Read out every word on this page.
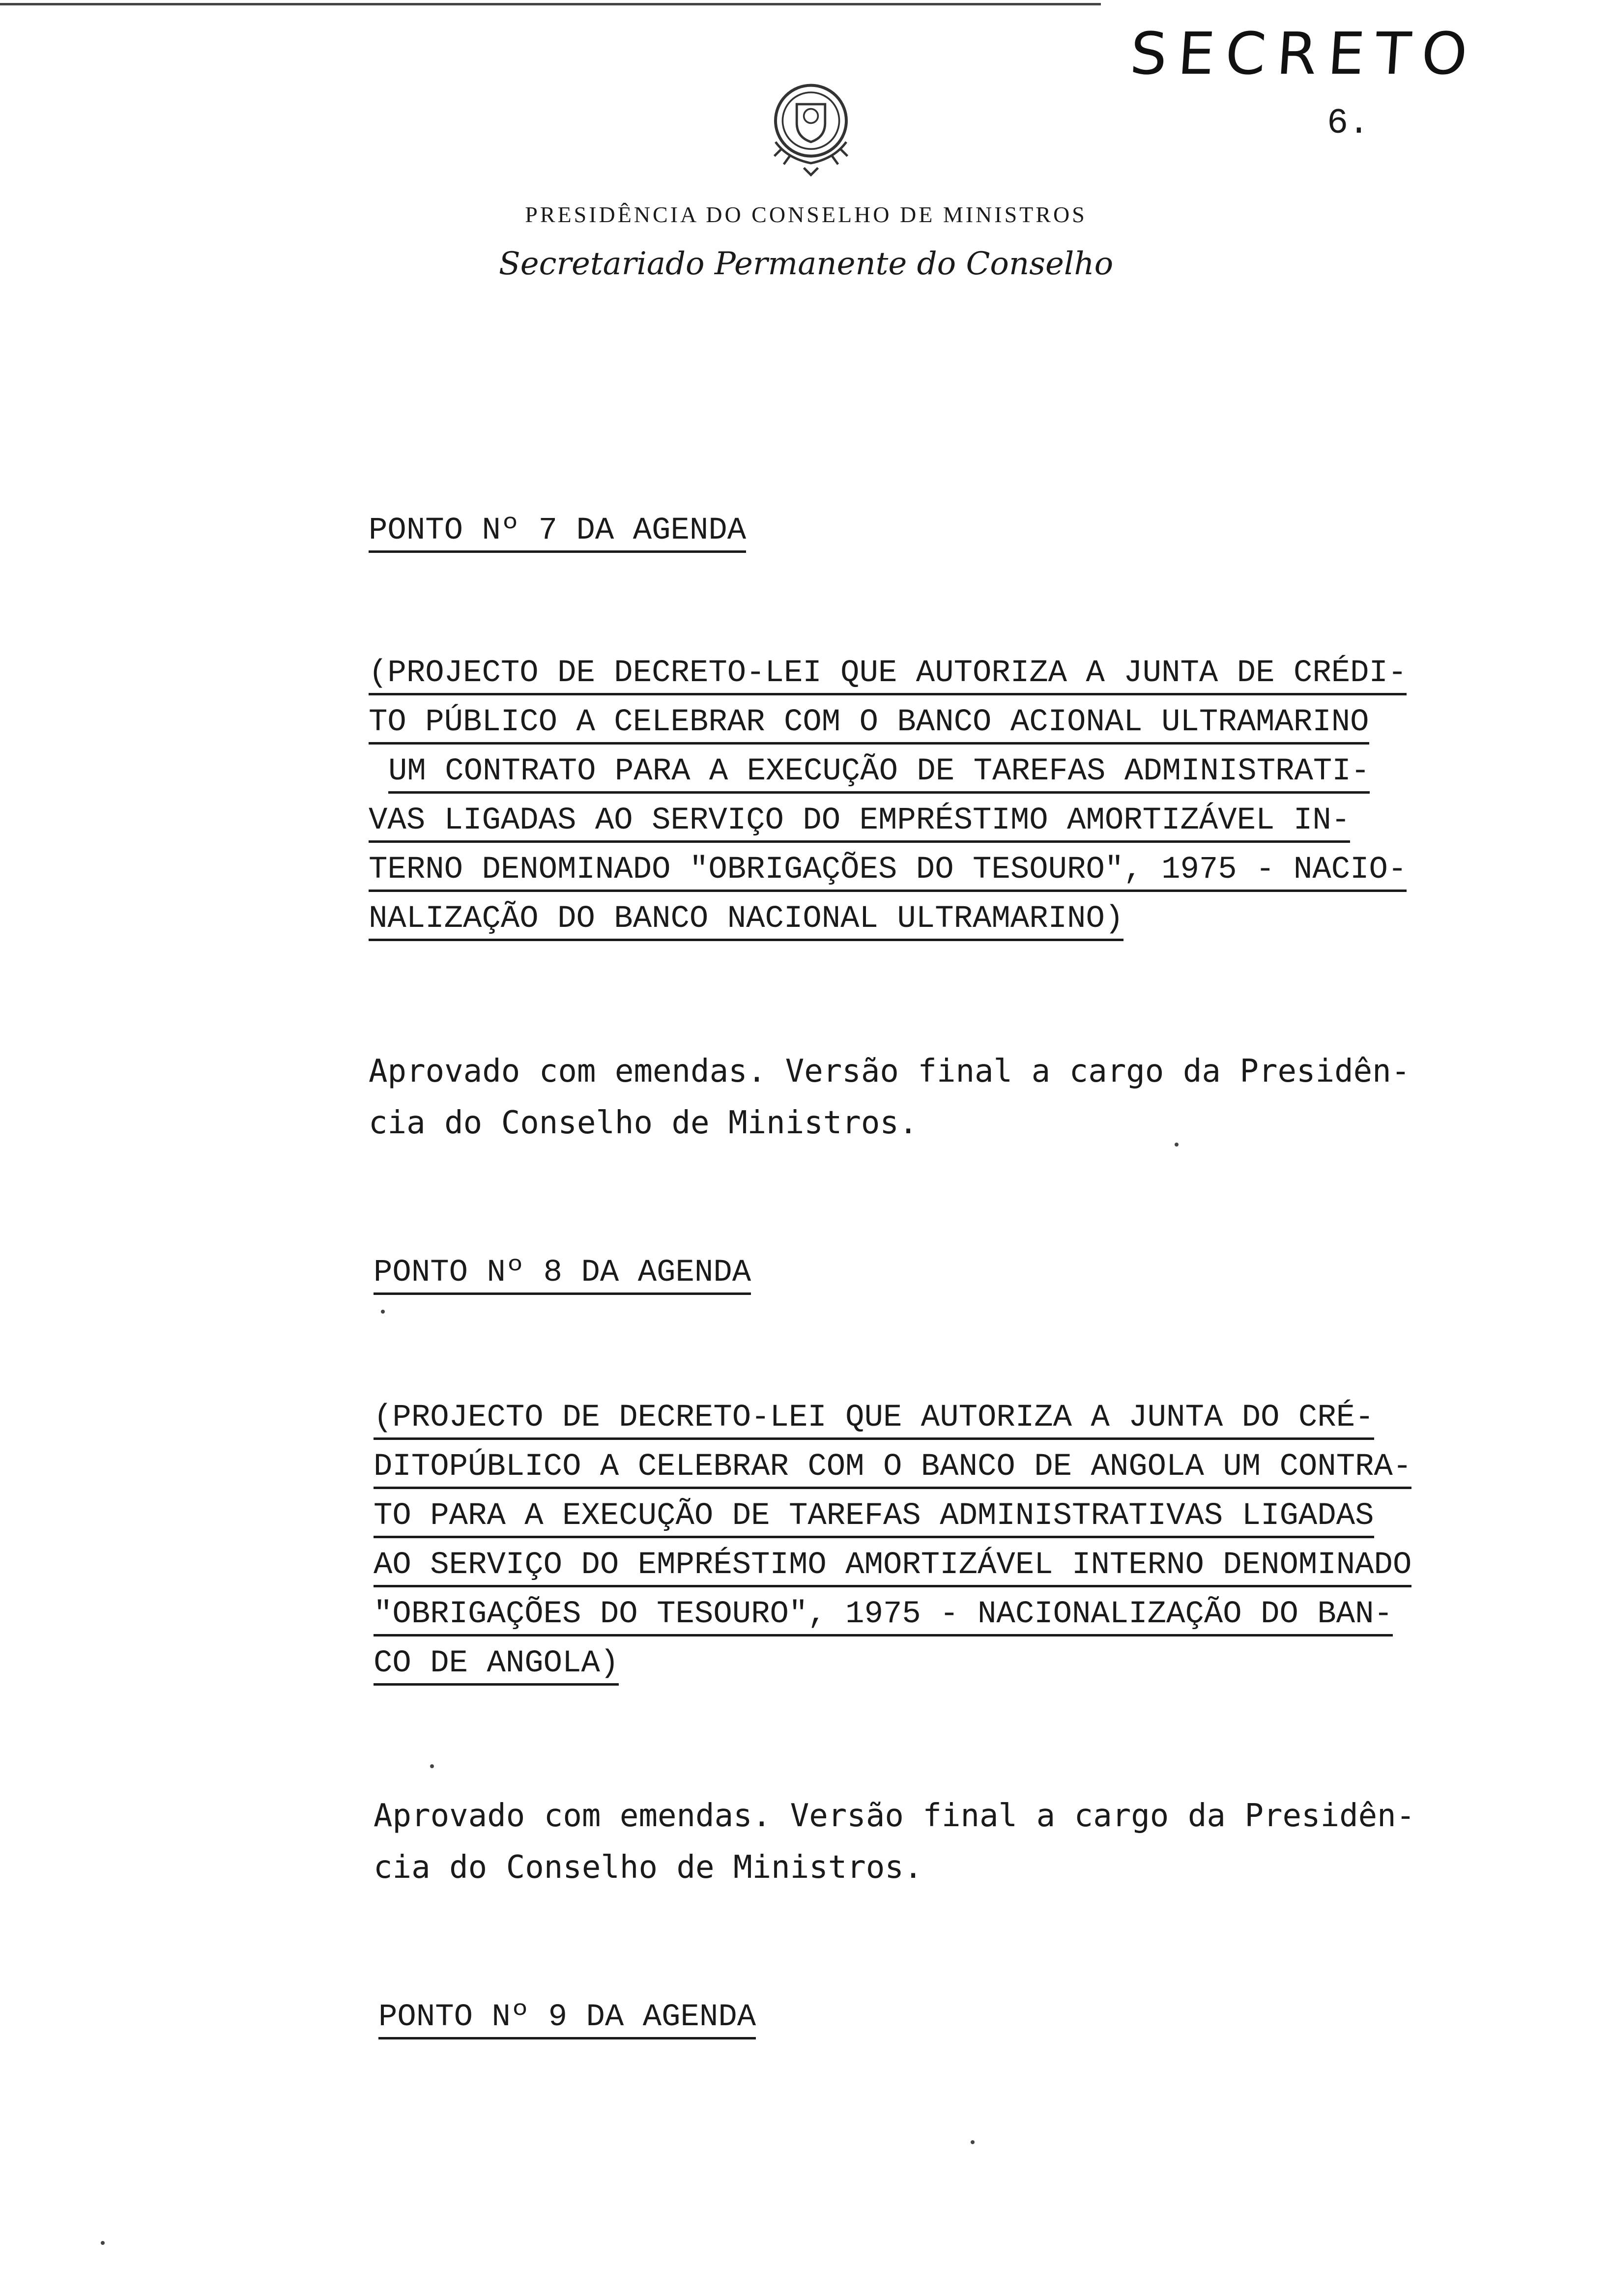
SECRETO
6.
PRESIDÊNCIA DO CONSELHO DE MINISTROS
Secretariado Permanente do Conselho
PONTO Nº 7 DA AGENDA
(PROJECTO DE DECRETO-LEI QUE AUTORIZA A JUNTA DE CRÉDI-
TO PÚBLICO A CELEBRAR COM O BANCO ACIONAL ULTRAMARINO
UM CONTRATO PARA A EXECUÇÃO DE TAREFAS ADMINISTRATI-
VAS LIGADAS AO SERVIÇO DO EMPRÉSTIMO AMORTIZÁVEL IN-
TERNO DENOMINADO "OBRIGAÇÕES DO TESOURO", 1975 - NACIO-
NALIZAÇÃO DO BANCO NACIONAL ULTRAMARINO)
Aprovado com emendas. Versão final a cargo da Presidên-
cia do Conselho de Ministros.
PONTO Nº 8 DA AGENDA
(PROJECTO DE DECRETO-LEI QUE AUTORIZA A JUNTA DO CRÉ-
DITOPÚBLICO A CELEBRAR COM O BANCO DE ANGOLA UM CONTRA-
TO PARA A EXECUÇÃO DE TAREFAS ADMINISTRATIVAS LIGADAS
AO SERVIÇO DO EMPRÉSTIMO AMORTIZÁVEL INTERNO DENOMINADO
"OBRIGAÇÕES DO TESOURO", 1975 - NACIONALIZAÇÃO DO BAN-
CO DE ANGOLA)
Aprovado com emendas. Versão final a cargo da Presidên-
cia do Conselho de Ministros.
PONTO Nº 9 DA AGENDA
